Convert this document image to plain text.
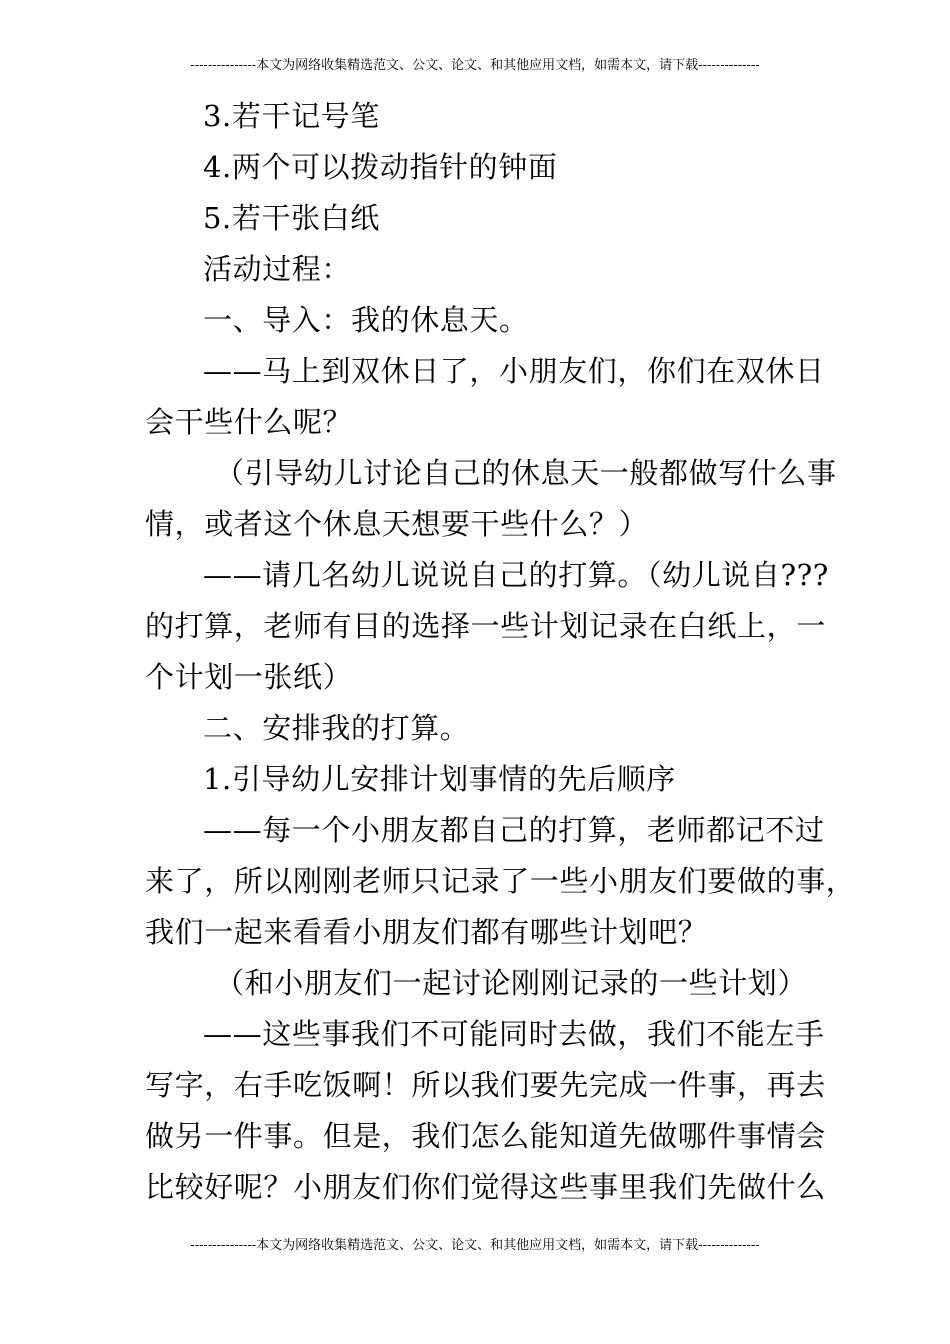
---------------本文为网络收集精选范文、公文、论文、和其他应用文档，如需本文，请下载--------------

3.若干记号笔

4.两个可以拨动指针的钟面

5.若干张白纸

活动过程：

一、导入：我的休息天。

——马上到双休日了，小朋友们，你们在双休日

会干些什么呢？

（引导幼儿讨论自己的休息天一般都做写什么事

情，或者这个休息天想要干些什么？）

——请几名幼儿说说自己的打算。（幼儿说自???

的打算，老师有目的选择一些计划记录在白纸上，一

个计划一张纸）

二、安排我的打算。

1.引导幼儿安排计划事情的先后顺序

——每一个小朋友都自己的打算，老师都记不过

来了，所以刚刚老师只记录了一些小朋友们要做的事，

我们一起来看看小朋友们都有哪些计划吧？

（和小朋友们一起讨论刚刚记录的一些计划）

——这些事我们不可能同时去做，我们不能左手

写字，右手吃饭啊！所以我们要先完成一件事，再去

做另一件事。但是，我们怎么能知道先做哪件事情会

比较好呢？小朋友们你们觉得这些事里我们先做什么

---------------本文为网络收集精选范文、公文、论文、和其他应用文档，如需本文，请下载--------------
